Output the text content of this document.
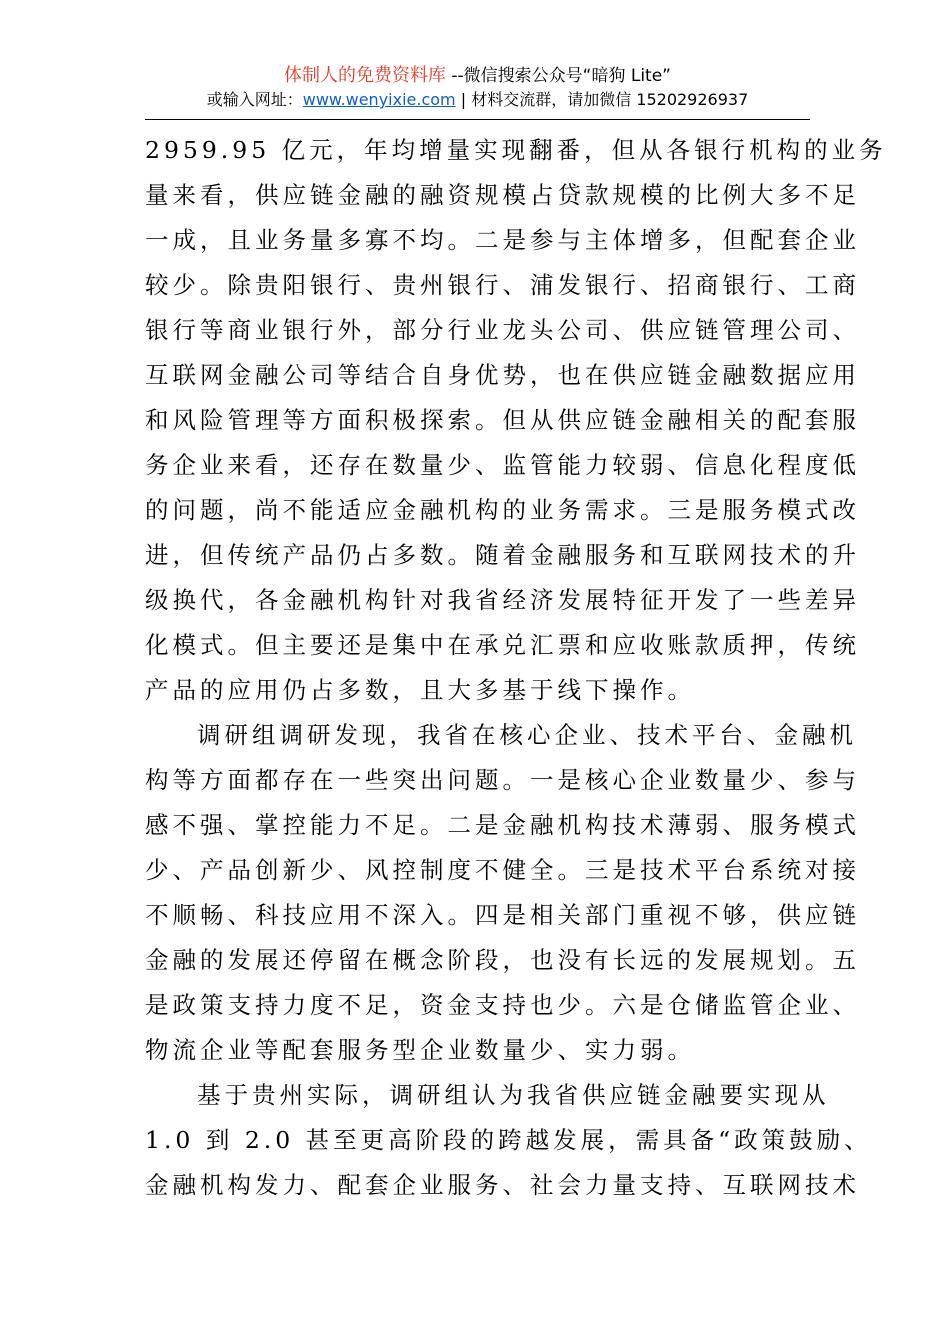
体制人的免费资料库 --微信搜索公众号“暗狗 Lite”
或输入网址：www.wenyixie.com | 材料交流群，请加微信 15202926937
2959.95 亿元，年均增量实现翻番，但从各银行机构的业务
量来看，供应链金融的融资规模占贷款规模的比例大多不足
一成，且业务量多寡不均。二是参与主体增多，但配套企业
较少。除贵阳银行、贵州银行、浦发银行、招商银行、工商
银行等商业银行外，部分行业龙头公司、供应链管理公司、
互联网金融公司等结合自身优势，也在供应链金融数据应用
和风险管理等方面积极探索。但从供应链金融相关的配套服
务企业来看，还存在数量少、监管能力较弱、信息化程度低
的问题，尚不能适应金融机构的业务需求。三是服务模式改
进，但传统产品仍占多数。随着金融服务和互联网技术的升
级换代，各金融机构针对我省经济发展特征开发了一些差异
化模式。但主要还是集中在承兑汇票和应收账款质押，传统
产品的应用仍占多数，且大多基于线下操作。
调研组调研发现，我省在核心企业、技术平台、金融机
构等方面都存在一些突出问题。一是核心企业数量少、参与
感不强、掌控能力不足。二是金融机构技术薄弱、服务模式
少、产品创新少、风控制度不健全。三是技术平台系统对接
不顺畅、科技应用不深入。四是相关部门重视不够，供应链
金融的发展还停留在概念阶段，也没有长远的发展规划。五
是政策支持力度不足，资金支持也少。六是仓储监管企业、
物流企业等配套服务型企业数量少、实力弱。
基于贵州实际，调研组认为我省供应链金融要实现从
1.0 到 2.0 甚至更高阶段的跨越发展，需具备“政策鼓励、
金融机构发力、配套企业服务、社会力量支持、互联网技术
